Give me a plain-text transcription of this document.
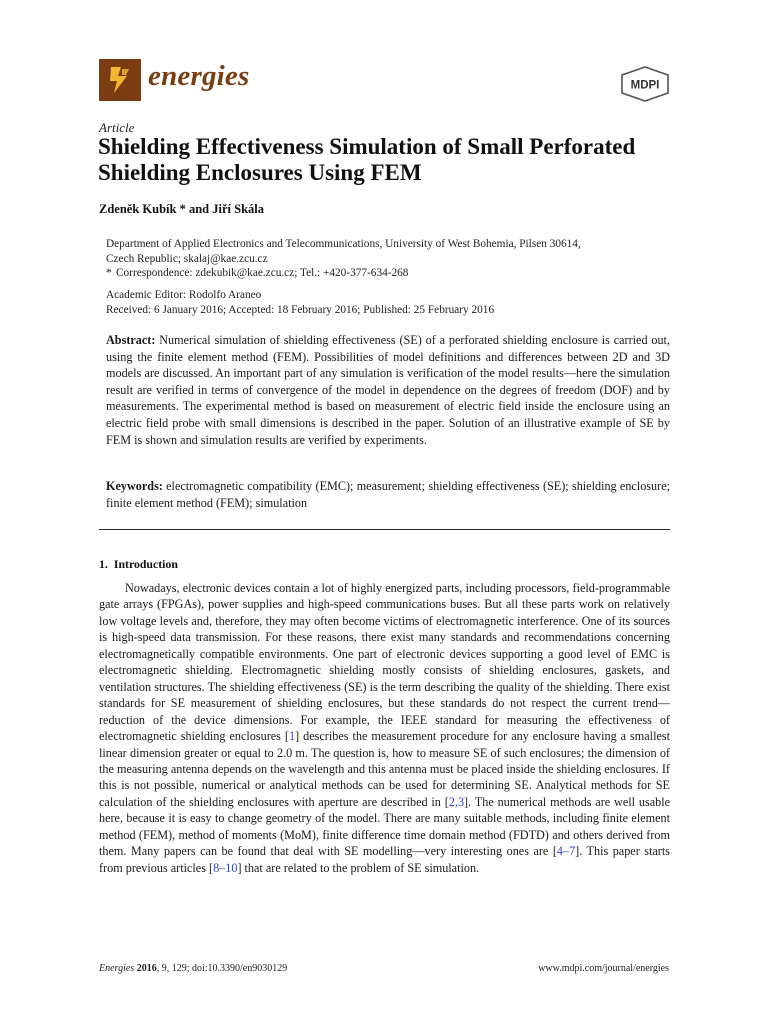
energies	MDPI
Article
Shielding Effectiveness Simulation of Small Perforated Shielding Enclosures Using FEM
Zdeněk Kubík * and Jiří Skála

Department of Applied Electronics and Telecommunications, University of West Bohemia, Pilsen 30614,

Czech Republic; skalaj@kae.zcu.cz

* Correspondence: zdekubik@kae.zcu.cz; Tel.: +420-377-634-268

Academic Editor: Rodolfo Araneo

Received: 6 January 2016; Accepted: 18 February 2016; Published: 25 February 2016

Abstract: Numerical simulation of shielding effectiveness (SE) of a perforated shielding enclosure is carried out, using the finite element method (FEM). Possibilities of model definitions and differences between 2D and 3D models are discussed. An important part of any simulation is verification of the model results—here the simulation result are verified in terms of convergence of the model in dependence on the degrees of freedom (DOF) and by measurements. The experimental method is based on measurement of electric field inside the enclosure using an electric field probe with small dimensions is described in the paper. Solution of an illustrative example of SE by FEM is shown and simulation results are verified by experiments.
Keywords: electromagnetic compatibility (EMC); measurement; shielding effectiveness (SE); shielding enclosure; finite element method (FEM); simulation
1. Introduction

Nowadays, electronic devices contain a lot of highly energized parts, including processors, field-programmable gate arrays (FPGAs), power supplies and high-speed communications buses. But all these parts work on relatively low voltage levels and, therefore, they may often become victims of electromagnetic interference. One of its sources is high-speed data transmission. For these reasons, there exist many standards and recommendations concerning electromagnetically compatible environments. One part of electronic devices supporting a good level of EMC is electromagnetic shielding. Electromagnetic shielding mostly consists of shielding enclosures, gaskets, and ventilation structures. The shielding effectiveness (SE) is the term describing the quality of the shielding. There exist standards for SE measurement of shielding enclosures, but these standards do not respect the current trend—reduction of the device dimensions. For example, the IEEE standard for measuring the effectiveness of electromagnetic shielding enclosures [1] describes the measurement procedure for any enclosure having a smallest linear dimension greater or equal to 2.0 m. The question is, how to measure SE of such enclosures; the dimension of the measuring antenna depends on the wavelength and this antenna must be placed inside the shielding enclosures. If this is not possible, numerical or analytical methods can be used for determining SE. Analytical methods for SE calculation of the shielding enclosures with aperture are described in [2,3]. The numerical methods are well usable here, because it is easy to change geometry of the model. There are many suitable methods, including finite element method (FEM), method of moments (MoM), finite difference time domain method (FDTD) and others derived from them. Many papers can be found that deal with SE modelling—very interesting ones are [4–7]. This paper starts from previous articles [8–10] that are related to the problem of SE simulation.

Energies 2016, 9, 129; doi:10.3390/en9030129	www.mdpi.com/journal/energies
